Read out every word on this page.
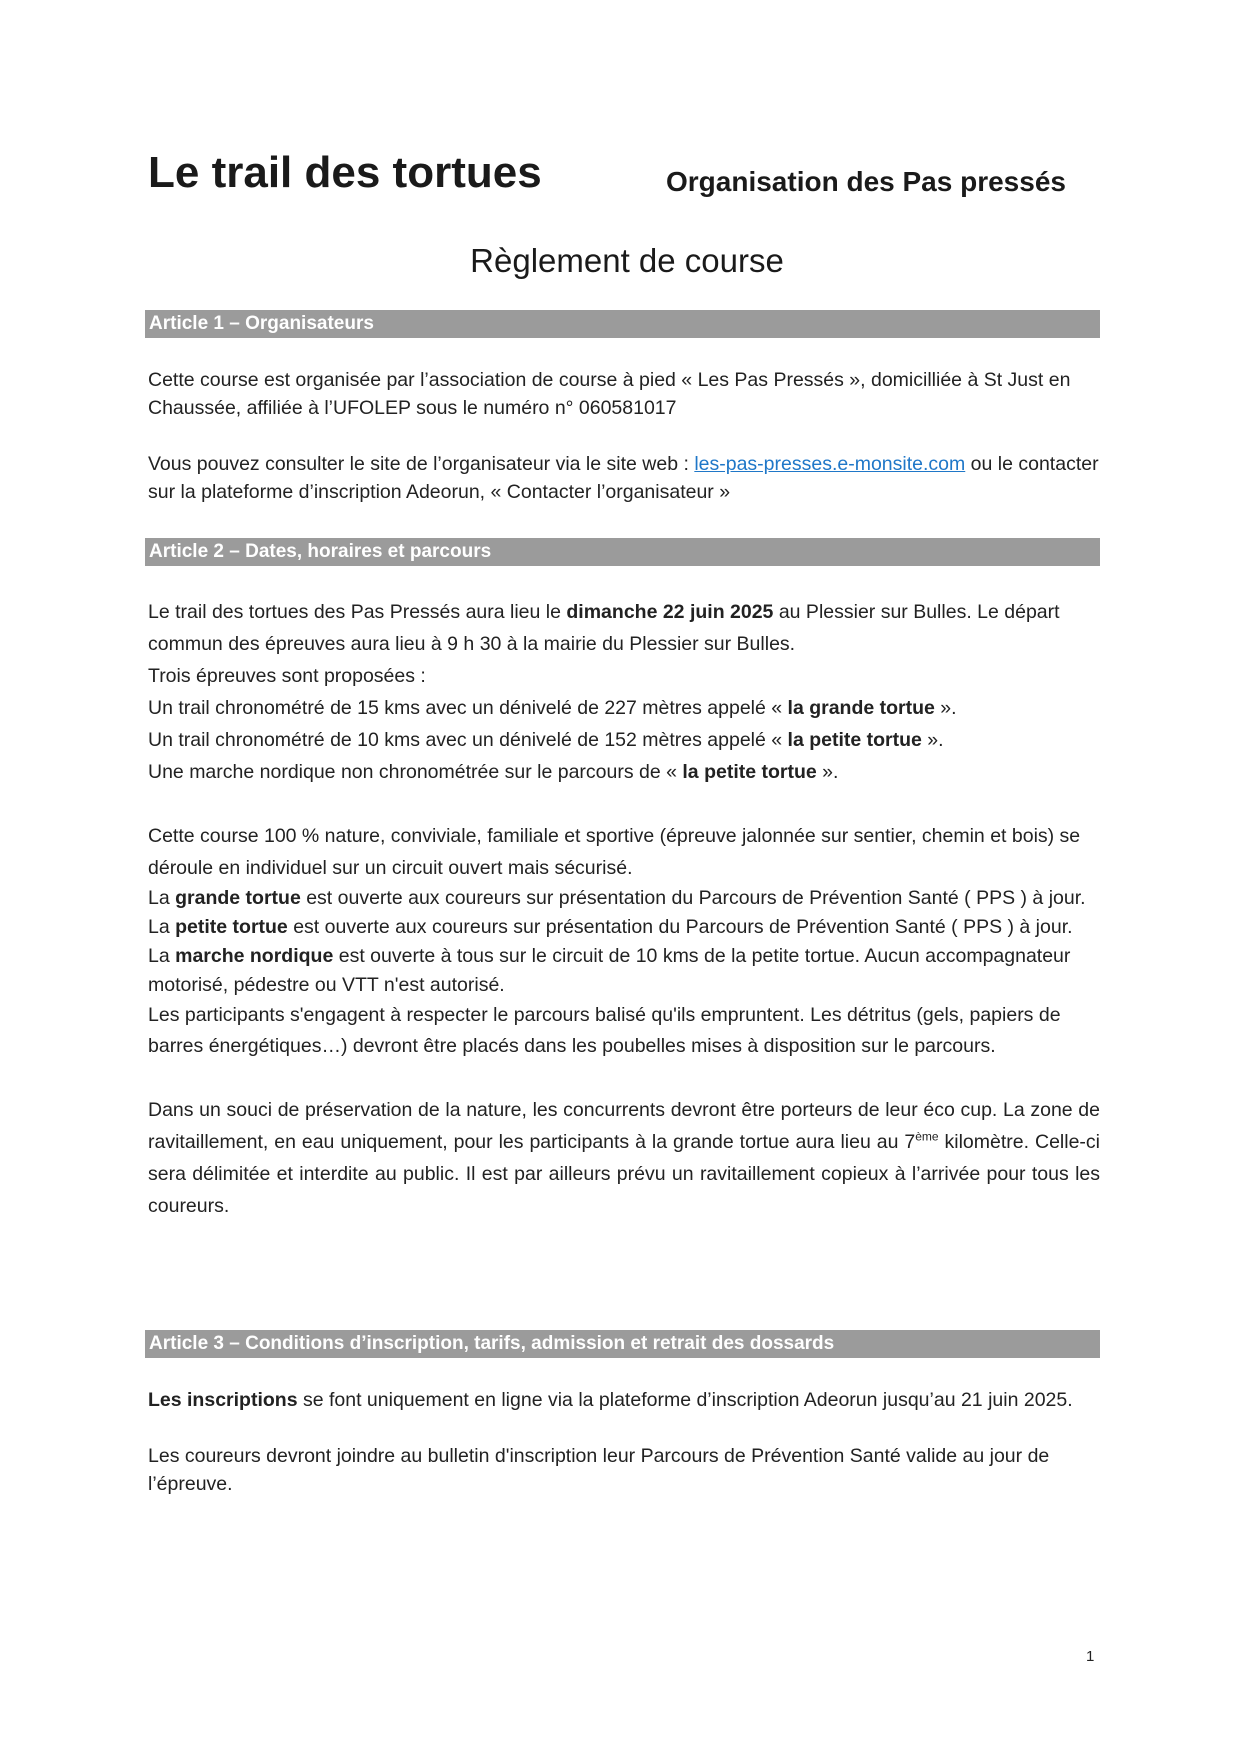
Le trail des tortues	Organisation des Pas pressés
Règlement de course
Article 1 – Organisateurs

Cette course est organisée par l’association de course à pied « Les Pas Pressés », domicilliée à St Just en Chaussée, affiliée à l’UFOLEP sous le numéro n° 060581017

Vous pouvez consulter le site de l’organisateur via le site web : les-pas-presses.e-monsite.com ou le contacter sur la plateforme d’inscription Adeorun, « Contacter l’organisateur »

Article 2 – Dates, horaires et parcours

Le trail des tortues des Pas Pressés aura lieu le dimanche 22 juin 2025 au Plessier sur Bulles. Le départ commun des épreuves aura lieu à 9 h 30 à la mairie du Plessier sur Bulles.

Trois épreuves sont proposées :

Un trail chronométré de 15 kms avec un dénivelé de 227 mètres appelé « la grande tortue ».

Un trail chronométré de 10 kms avec un dénivelé de 152 mètres appelé « la petite tortue ».

Une marche nordique non chronométrée sur le parcours de « la petite tortue ».

Cette course 100 % nature, conviviale, familiale et sportive (épreuve jalonnée sur sentier, chemin et bois) se déroule en individuel sur un circuit ouvert mais sécurisé.

La grande tortue est ouverte aux coureurs sur présentation du Parcours de Prévention Santé ( PPS ) à jour.

La petite tortue est ouverte aux coureurs sur présentation du Parcours de Prévention Santé ( PPS ) à jour.

La marche nordique est ouverte à tous sur le circuit de 10 kms de la petite tortue. Aucun accompagnateur motorisé, pédestre ou VTT n'est autorisé.

Les participants s'engagent à respecter le parcours balisé qu'ils empruntent. Les détritus (gels, papiers de barres énergétiques…) devront être placés dans les poubelles mises à disposition sur le parcours.

Dans un souci de préservation de la nature, les concurrents devront être porteurs de leur éco cup. La zone de ravitaillement, en eau uniquement, pour les participants à la grande tortue aura lieu au 7ème kilomètre. Celle-ci sera délimitée et interdite au public. Il est par ailleurs prévu un ravitaillement copieux à l’arrivée pour tous les coureurs.

Article 3 – Conditions d’inscription, tarifs, admission et retrait des dossards

Les inscriptions se font uniquement en ligne via la plateforme d’inscription Adeorun jusqu’au 21 juin 2025.

Les coureurs devront joindre au bulletin d'inscription leur Parcours de Prévention Santé valide au jour de l’épreuve.

1
